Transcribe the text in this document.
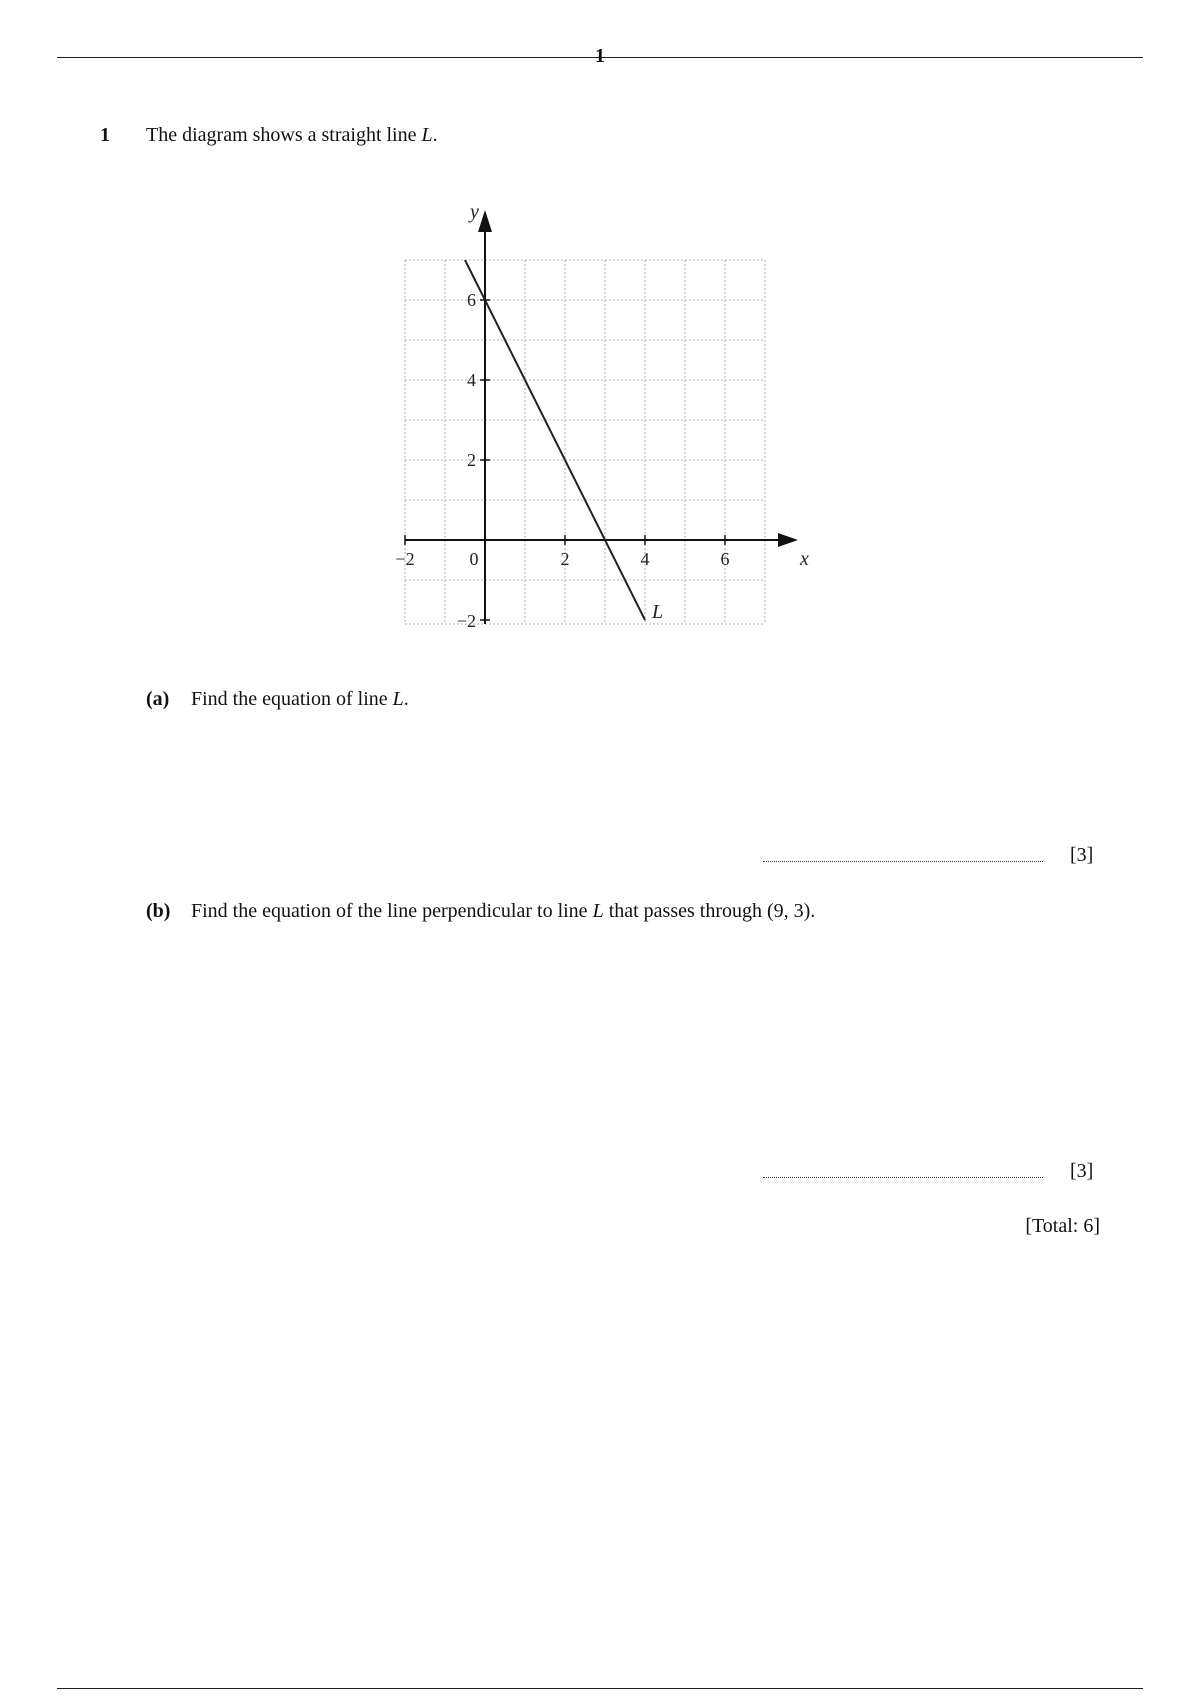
1
1 The diagram shows a straight line L.
−2	0	2	4	6
6
4
2
−2
x
y
L
(a) Find the equation of line L.
[3]
(b) Find the equation of the line perpendicular to line L that passes through (9, 3).
[3]
[Total: 6]
